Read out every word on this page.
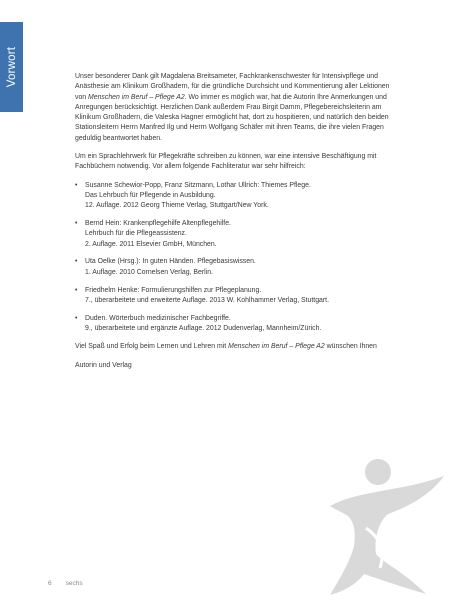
Vorwort	Unser besonderer Dank gilt Magdalena Breitsameter, Fachkrankenschwester für Intensivpflege und Anästhesie am Klinikum Großhadern, für die gründliche Durchsicht und Kommentierung aller Lektionen von Menschen im Beruf – Pflege A2. Wo immer es möglich war, hat die Autorin Ihre Anmerkungen und Anregungen berücksichtigt. Herzlichen Dank außerdem Frau Birgit Damm, Pflegebereichsleiterin am Klinikum Großhadern, die Valeska Hagner ermöglicht hat, dort zu hospitieren, und natürlich den beiden Stationsleitern Herrn Manfred Ilg und Herrn Wolfgang Schäfer mit ihren Teams, die ihre vielen Fragen geduldig beantwortet haben.

Um ein Sprachlehrwerk für Pflegekräfte schreiben zu können, war eine intensive Beschäftigung mit Fachbüchern notwendig. Vor allem folgende Fachliteratur war sehr hilfreich:

• Susanne Schewior-Popp, Franz Sitzmann, Lothar Ullrich: Thiemes Pflege.
Das Lehrbuch für Pflegende in Ausbildung.
12. Auflage. 2012 Georg Thieme Verlag, Stuttgart/New York.
• Bernd Hein: Krankenpflegehilfe Altenpflegehilfe.
Lehrbuch für die Pflegeassistenz.
2. Auflage. 2011 Elsevier GmbH, München.
• Uta Oelke (Hrsg.): In guten Händen. Pflegebasiswissen.
1. Auflage. 2010 Cornelsen Verlag, Berlin.
• Friedhelm Henke: Formulierungshilfen zur Pflegeplanung.
7., überarbeitete und erweiterte Auflage. 2013 W. Kohlhammer Verlag, Stuttgart.
• Duden. Wörterbuch medizinischer Fachbegriffe.
9., überarbeitete und ergänzte Auflage. 2012 Dudenverlag, Mannheim/Zürich.

Viel Spaß und Erfolg beim Lernen und Lehren mit Menschen im Beruf – Pflege A2 wünschen Ihnen

Autorin und Verlag

6 sechs
